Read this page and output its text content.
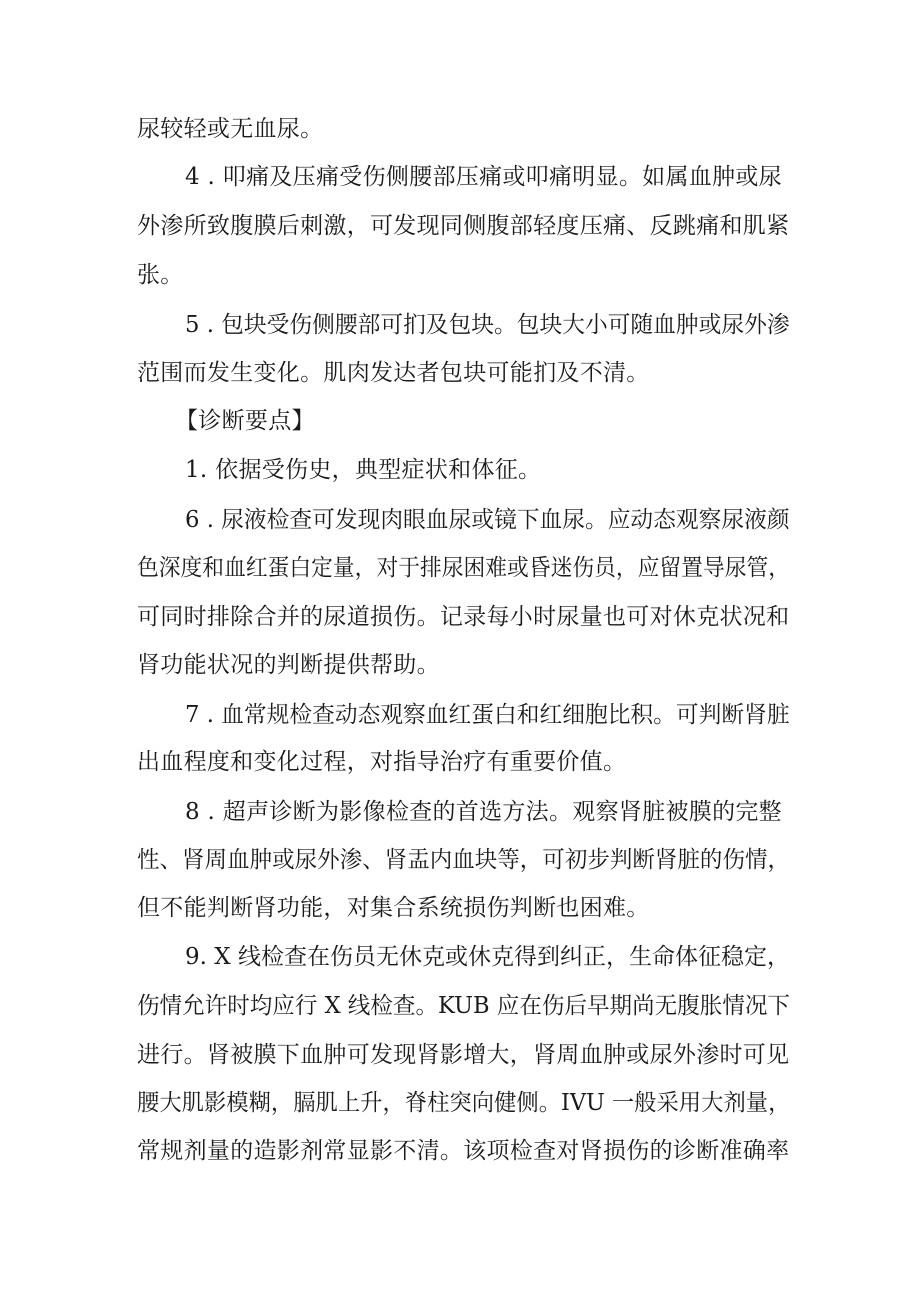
尿较轻或无血尿。
4 . 叩痛及压痛受伤侧腰部压痛或叩痛明显。如属血肿或尿
外渗所致腹膜后刺激，可发现同侧腹部轻度压痛、反跳痛和肌紧
张。
5 . 包块受伤侧腰部可扪及包块。包块大小可随血肿或尿外渗
范围而发生变化。肌肉发达者包块可能扪及不清。
【诊断要点】
1. 依据受伤史，典型症状和体征。
6 . 尿液检查可发现肉眼血尿或镜下血尿。应动态观察尿液颜
色深度和血红蛋白定量，对于排尿困难或昏迷伤员，应留置导尿管，
可同时排除合并的尿道损伤。记录每小时尿量也可对休克状况和
肾功能状况的判断提供帮助。
7 . 血常规检查动态观察血红蛋白和红细胞比积。可判断肾脏
出血程度和变化过程，对指导治疗有重要价值。
8 . 超声诊断为影像检查的首选方法。观察肾脏被膜的完整
性、肾周血肿或尿外渗、肾盂内血块等，可初步判断肾脏的伤情，
但不能判断肾功能，对集合系统损伤判断也困难。
9. X 线检查在伤员无休克或休克得到纠正，生命体征稳定，
伤情允许时均应行 X 线检查。KUB 应在伤后早期尚无腹胀情况下
进行。肾被膜下血肿可发现肾影增大，肾周血肿或尿外渗时可见
腰大肌影模糊，膈肌上升，脊柱突向健侧。IVU 一般采用大剂量，
常规剂量的造影剂常显影不清。该项检查对肾损伤的诊断准确率
